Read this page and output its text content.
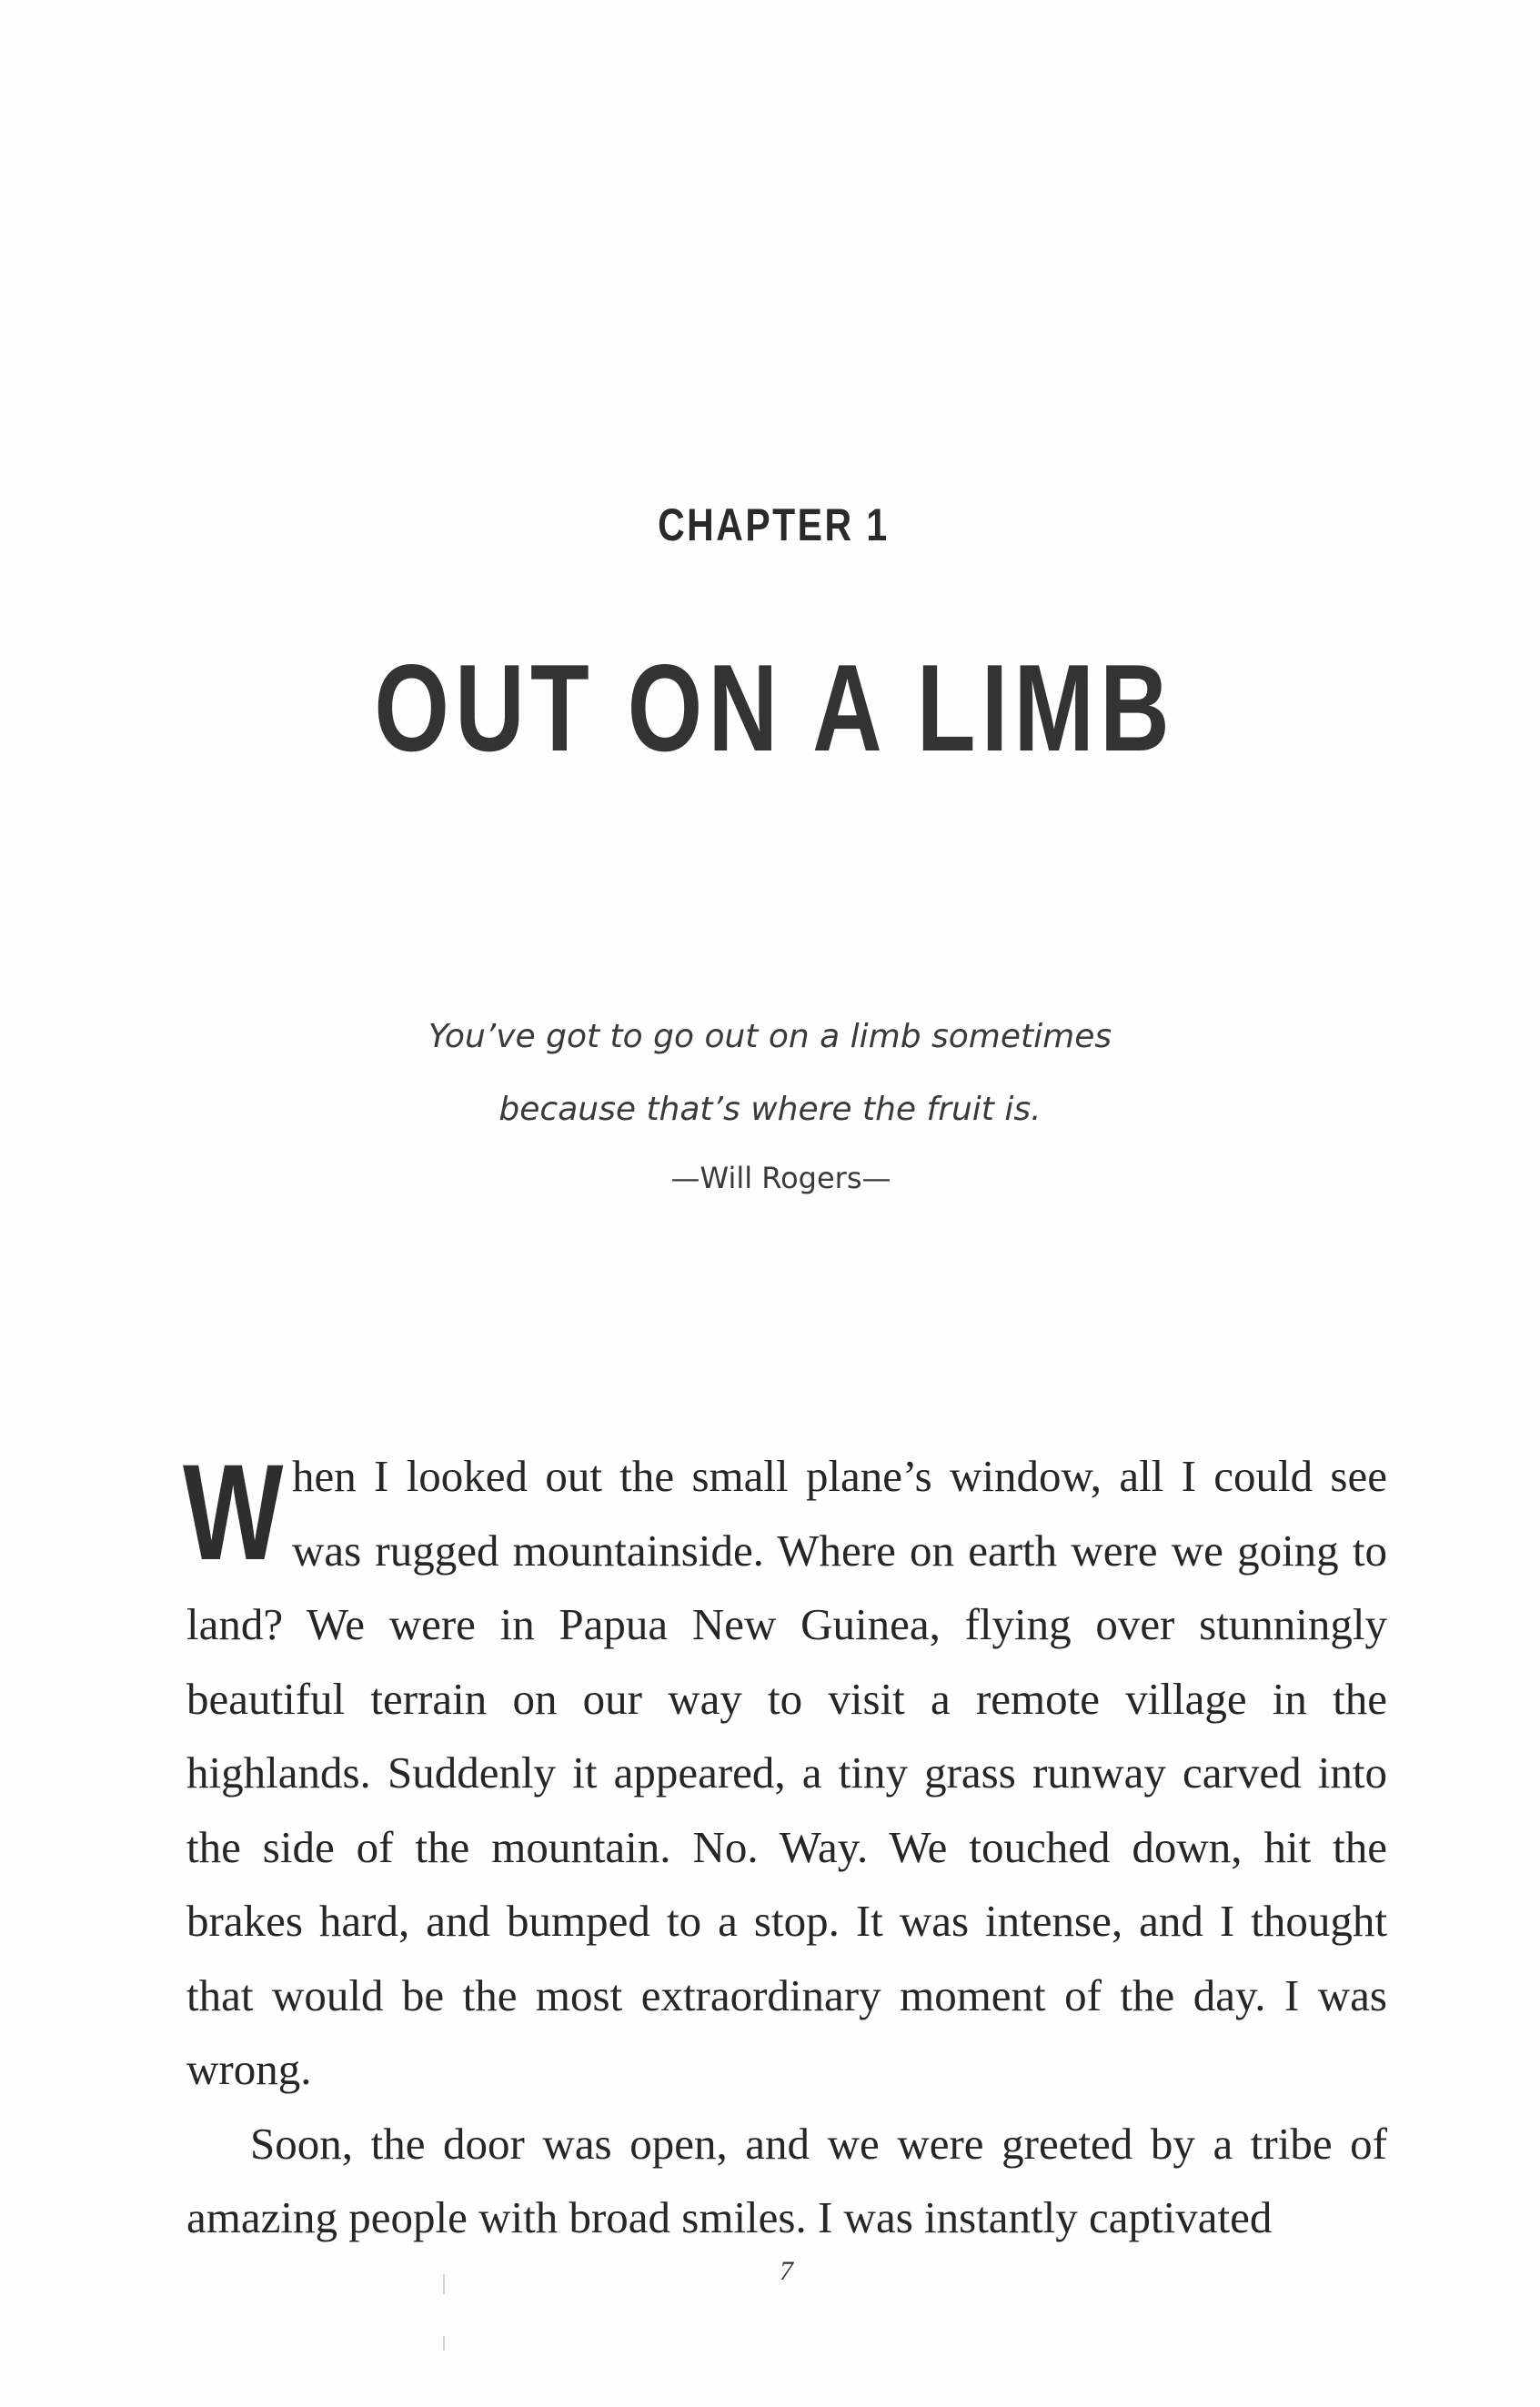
CHAPTER 1
OUT ON A LIMB
You’ve got to go out on a limb sometimes
because that’s where the fruit is.
—Will Rogers—

When I looked out the small plane’s window, all I could see was rugged mountainside. Where on earth were we going to land? We were in Papua New Guinea, flying over stunningly beautiful terrain on our way to visit a remote village in the highlands. Suddenly it appeared, a tiny grass runway carved into the side of the mountain. No. Way. We touched down, hit the brakes hard, and bumped to a stop. It was intense, and I thought that would be the most extraordinary moment of the day. I was wrong.

Soon, the door was open, and we were greeted by a tribe of amazing people with broad smiles. I was instantly captivated

7
